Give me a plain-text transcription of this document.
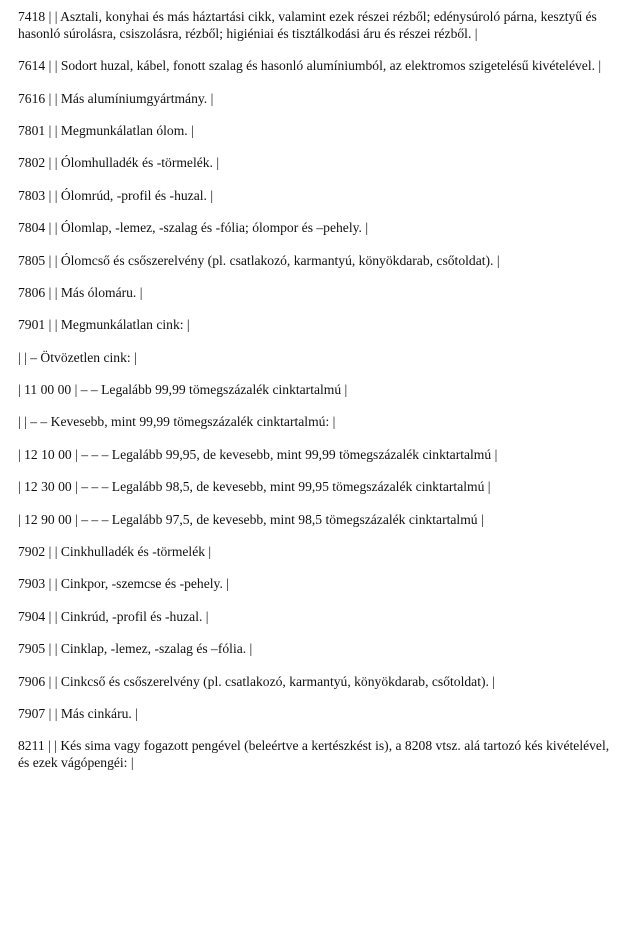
7418 | | Asztali, konyhai és más háztartási cikk, valamint ezek részei rézből; edénysúroló párna, kesztyű és hasonló súrolásra, csiszolásra, rézből; higiéniai és tisztálkodási áru és részei rézből. |

7614 | | Sodort huzal, kábel, fonott szalag és hasonló alumíniumból, az elektromos szigetelésű kivételével. |

7616 | | Más alumíniumgyártmány. |

7801 | | Megmunkálatlan ólom. |

7802 | | Ólomhulladék és -törmelék. |

7803 | | Ólomrúd, -profil és -huzal. |

7804 | | Ólomlap, -lemez, -szalag és -fólia; ólompor és –pehely. |

7805 | | Ólomcső és csőszerelvény (pl. csatlakozó, karmantyú, könyökdarab, csőtoldat). |

7806 | | Más ólomáru. |

7901 | | Megmunkálatlan cink: |

| | – Ötvözetlen cink: |

| 11 00 00 | – – Legalább 99,99 tömegszázalék cinktartalmú |

| | – – Kevesebb, mint 99,99 tömegszázalék cinktartalmú: |

| 12 10 00 | – – – Legalább 99,95, de kevesebb, mint 99,99 tömegszázalék cinktartalmú |

| 12 30 00 | – – – Legalább 98,5, de kevesebb, mint 99,95 tömegszázalék cinktartalmú |

| 12 90 00 | – – – Legalább 97,5, de kevesebb, mint 98,5 tömegszázalék cinktartalmú |

7902 | | Cinkhulladék és -törmelék |

7903 | | Cinkpor, -szemcse és -pehely. |

7904 | | Cinkrúd, -profil és -huzal. |

7905 | | Cinklap, -lemez, -szalag és –fólia. |

7906 | | Cinkcső és csőszerelvény (pl. csatlakozó, karmantyú, könyökdarab, csőtoldat). |

7907 | | Más cinkáru. |

8211 | | Kés sima vagy fogazott pengével (beleértve a kertészkést is), a 8208 vtsz. alá tartozó kés kivételével, és ezek vágópengéi: |
